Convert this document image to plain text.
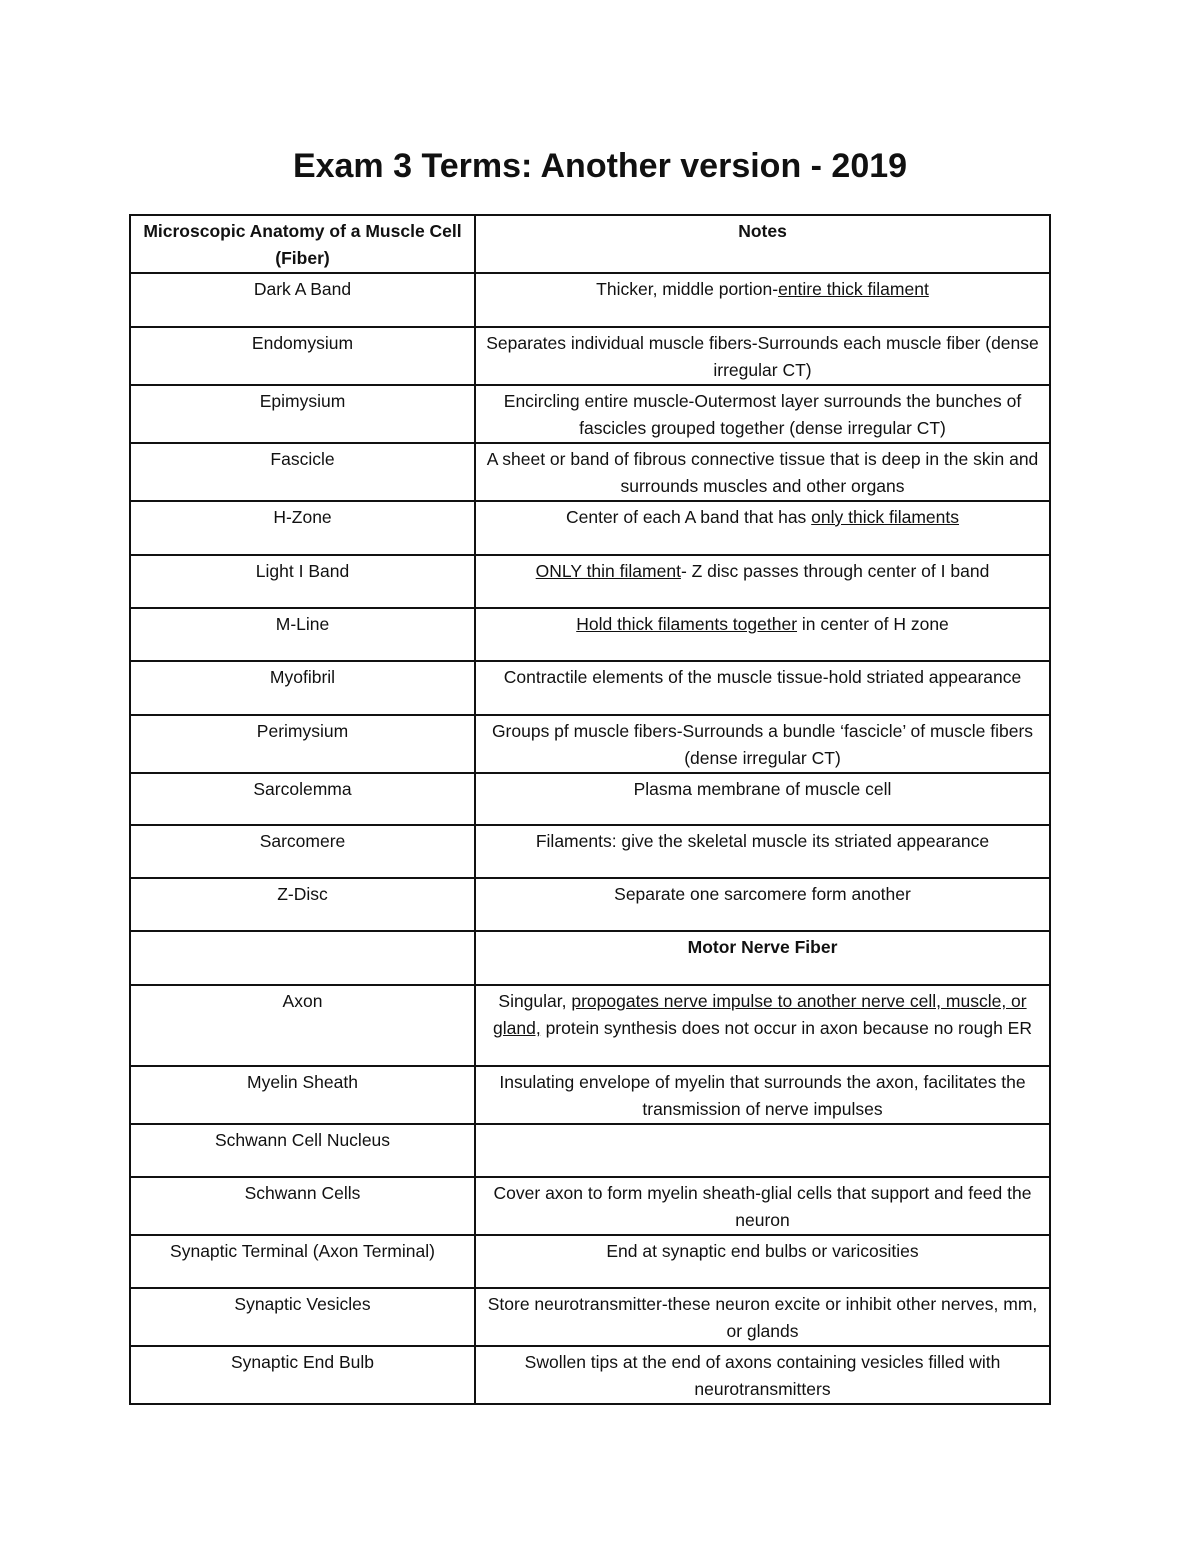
Exam 3 Terms: Another version - 2019
Microscopic Anatomy of a Muscle Cell (Fiber)	Notes
Dark A Band	Thicker, middle portion-entire thick filament
Endomysium	Separates individual muscle fibers-Surrounds each muscle fiber (dense irregular CT)
Epimysium	Encircling entire muscle-Outermost layer surrounds the bunches of fascicles grouped together (dense irregular CT)
Fascicle	A sheet or band of fibrous connective tissue that is deep in the skin and surrounds muscles and other organs
H-Zone	Center of each A band that has only thick filaments
Light I Band	ONLY thin filament- Z disc passes through center of I band
M-Line	Hold thick filaments together in center of H zone
Myofibril	Contractile elements of the muscle tissue-hold striated appearance
Perimysium	Groups pf muscle fibers-Surrounds a bundle ‘fascicle’ of muscle fibers (dense irregular CT)
Sarcolemma	Plasma membrane of muscle cell
Sarcomere	Filaments: give the skeletal muscle its striated appearance
Z-Disc	Separate one sarcomere form another
	Motor Nerve Fiber
Axon	Singular, propogates nerve impulse to another nerve cell, muscle, or gland, protein synthesis does not occur in axon because no rough ER
Myelin Sheath	Insulating envelope of myelin that surrounds the axon, facilitates the transmission of nerve impulses
Schwann Cell Nucleus	
Schwann Cells	Cover axon to form myelin sheath-glial cells that support and feed the neuron
Synaptic Terminal (Axon Terminal)	End at synaptic end bulbs or varicosities
Synaptic Vesicles	Store neurotransmitter-these neuron excite or inhibit other nerves, mm, or glands
Synaptic End Bulb	Swollen tips at the end of axons containing vesicles filled with neurotransmitters
